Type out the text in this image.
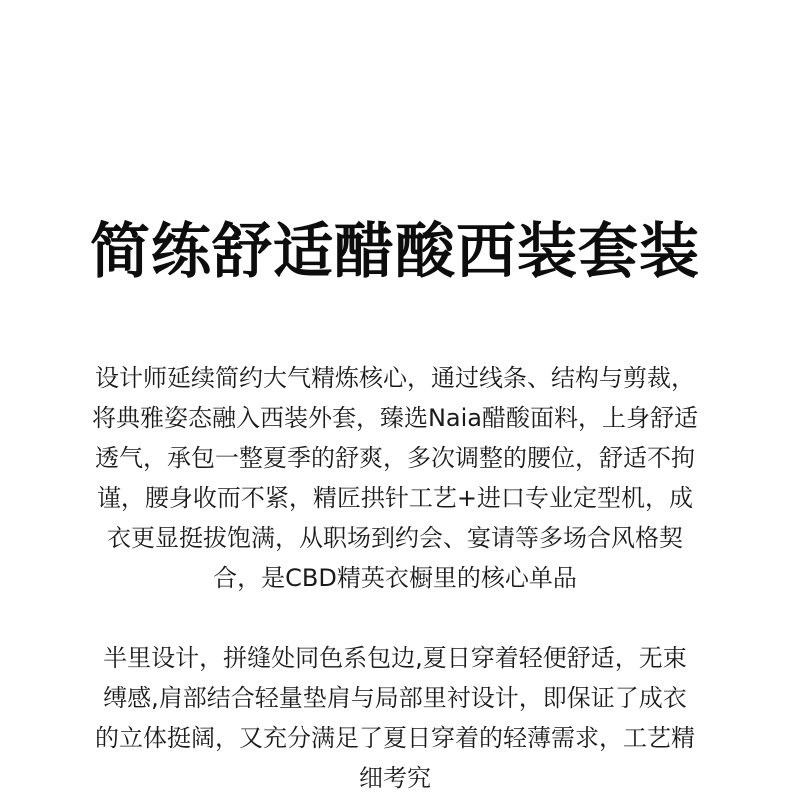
简练舒适醋酸西装套装
设计师延续简约大气精炼核心，通过线条、结构与剪裁，
将典雅姿态融入西装外套，臻选Naia醋酸面料，上身舒适
透气，承包一整夏季的舒爽，多次调整的腰位，舒适不拘
谨，腰身收而不紧，精匠拱针工艺+进口专业定型机，成
衣更显挺拔饱满，从职场到约会、宴请等多场合风格契
合，是CBD精英衣橱里的核心单品
半里设计，拼缝处同色系包边,夏日穿着轻便舒适，无束
缚感,肩部结合轻量垫肩与局部里衬设计，即保证了成衣
的立体挺阔，又充分满足了夏日穿着的轻薄需求，工艺精
细考究
